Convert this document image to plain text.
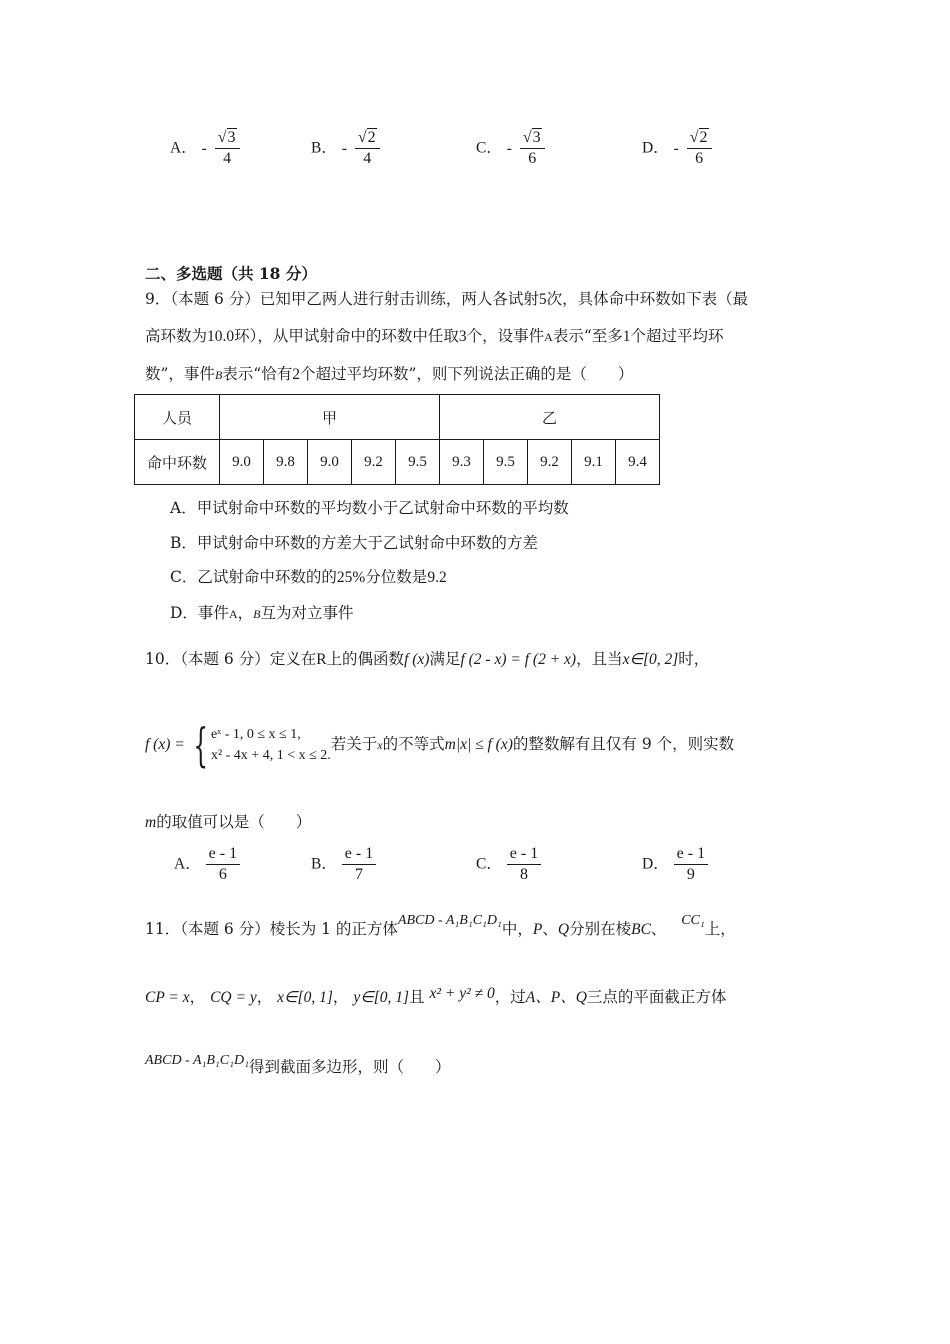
A． - $\frac{√3}{4}$	B． - $\frac{√2}{4}$	C． - $\frac{√3}{6}$	D． - $\frac{√2}{6}$
二、多选题（共 18 分）
9．（本题 6 分）已知甲乙两人进行射击训练，两人各试射5次，具体命中环数如下表（最
高环数为10.0环），从甲试射命中的环数中任取3个，设事件A表示“至多1个超过平均环
数”，事件B表示“恰有2个超过平均环数”，则下列说法正确的是（　　）
人员	甲					乙				
命中环数	9.0	9.8	9.0	9.2	9.5	9.3	9.5	9.2	9.1	9.4
A．甲试射命中环数的平均数小于乙试射命中环数的平均数
B．甲试射命中环数的方差大于乙试射命中环数的方差
C．乙试射命中环数的的25%分位数是9.2
D．事件A，B互为对立事件
10．（本题 6 分）定义在R上的偶函数f (x)满足f (2 - x) = f (2 + x)，且当x∈[0, 2]时，
f (x) = { eˣ - 1, 0 ≤ x ≤ 1,
x² - 4x + 4, 1 < x ≤ 2.
若关于x的不等式m|x| ≤ f (x)的整数解有且仅有 9 个，则实数
m的取值可以是（　　）
A． $\frac{e - 1}{6}$	B． $\frac{e - 1}{7}$	C． $\frac{e - 1}{8}$	D． $\frac{e - 1}{9}$
11．（本题 6 分）棱长为 1 的正方体ABCD - A₁B₁C₁D₁中，P、Q分别在棱BC、 CC₁上，
CP = x， CQ = y， x∈[0, 1]， y∈[0, 1]且 x² + y² ≠ 0，过A、P、Q三点的平面截正方体
ABCD - A₁B₁C₁D₁得到截面多边形，则（　　）
